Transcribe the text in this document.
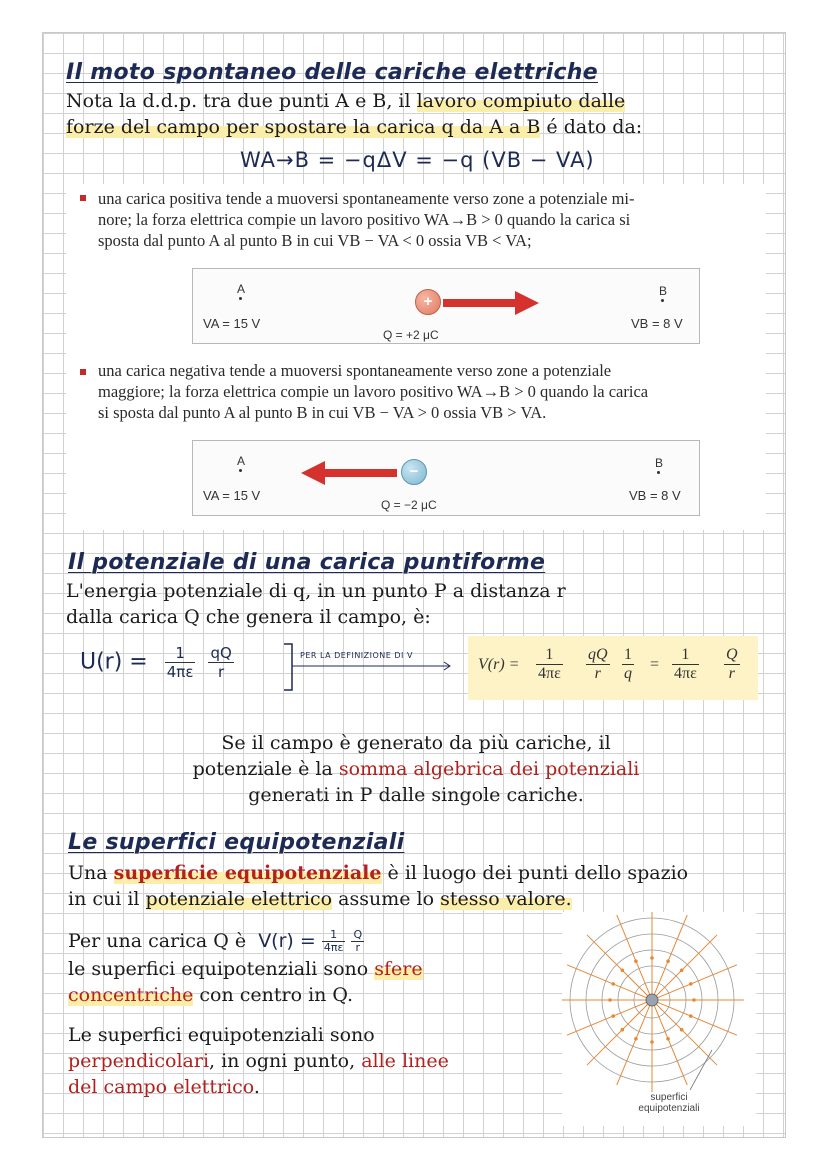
Il moto spontaneo delle cariche elettriche
Nota la d.d.p. tra due punti A e B, il lavoro compiuto dalle
forze del campo per spostare la carica q da A a B é dato da:
WA→B = −qΔV = −q (VB − VA)
una carica positiva tende a muoversi spontaneamente verso zone a potenziale mi-
nore; la forza elettrica compie un lavoro positivo WA→B > 0 quando la carica si
sposta dal punto A al punto B in cui VB − VA < 0 ossia VB < VA;
A
VA = 15 V
+
Q = +2 μC
B
VB = 8 V
una carica negativa tende a muoversi spontaneamente verso zone a potenziale
maggiore; la forza elettrica compie un lavoro positivo WA→B > 0 quando la carica
si sposta dal punto A al punto B in cui VB − VA > 0 ossia VB > VA.
A
VA = 15 V
−
Q = −2 μC
B
VB = 8 V
Il potenziale di una carica puntiforme
L'energia potenziale di q, in un punto P a distanza r
dalla carica Q che genera il campo, è:
$U(r) = \frac{1}{4\pi\varepsilon}$
$\frac{qQ}{r}$	PER LA DEFINIZIONE DI V
$V(r) = \frac{1}{4\pi\varepsilon} \frac{qQ}{r} \frac{1}{q} = \frac{1}{4\pi\varepsilon} \frac{Q}{r}$
Se il campo è generato da più cariche, il
potenziale è la somma algebrica dei potenziali
generati in P dalle singole cariche.
Le superfici equipotenziali
Una superficie equipotenziale è il luogo dei punti dello spazio
in cui il potenziale elettrico assume lo stesso valore.
Per una carica Q è $V(r) = \frac{1}{4\pi\varepsilon}$
$\frac{Q}{r}$
le superfici equipotenziali sono sfere
concentriche con centro in Q.
Le superfici equipotenziali sono
perpendicolari, in ogni punto, alle linee
del campo elettrico.	superfici
equipotenziali
